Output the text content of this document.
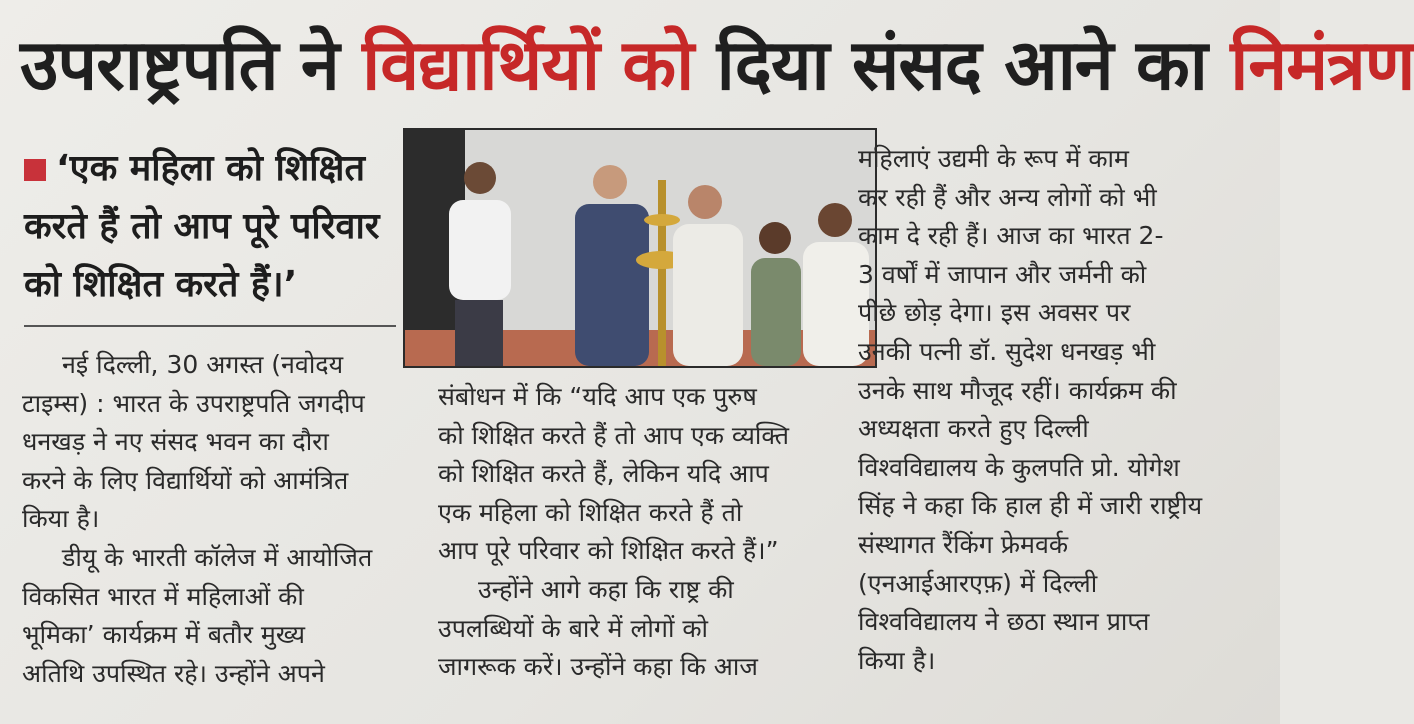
उपराष्ट्रपति ने विद्यार्थियों को दिया संसद आने का निमंत्रण
‘एक महिला को शिक्षित
करते हैं तो आप पूरे परिवार
को शिक्षित करते हैं।’

नई दिल्ली, 30 अगस्त (नवोदय

टाइम्स) : भारत के उपराष्ट्रपति जगदीप

धनखड़ ने नए संसद भवन का दौरा

करने के लिए विद्यार्थियों को आमंत्रित

किया है।

डीयू के भारती कॉलेज में आयोजित

विकसित भारत में महिलाओं की

भूमिका’ कार्यक्रम में बतौर मुख्य

अतिथि उपस्थित रहे। उन्होंने अपने

संबोधन में कि “यदि आप एक पुरुष

को शिक्षित करते हैं तो आप एक व्यक्ति

को शिक्षित करते हैं, लेकिन यदि आप

एक महिला को शिक्षित करते हैं तो

आप पूरे परिवार को शिक्षित करते हैं।”

उन्होंने आगे कहा कि राष्ट्र की

उपलब्धियों के बारे में लोगों को

जागरूक करें। उन्होंने कहा कि आज

महिलाएं उद्यमी के रूप में काम

कर रही हैं और अन्य लोगों को भी

काम दे रही हैं। आज का भारत 2-

3 वर्षों में जापान और जर्मनी को

पीछे छोड़ देगा। इस अवसर पर

उनकी पत्नी डॉ. सुदेश धनखड़ भी

उनके साथ मौजूद रहीं। कार्यक्रम की

अध्यक्षता करते हुए दिल्ली

विश्वविद्यालय के कुलपति प्रो. योगेश

सिंह ने कहा कि हाल ही में जारी राष्ट्रीय

संस्थागत रैंकिंग फ्रेमवर्क

(एनआईआरएफ़) में दिल्ली

विश्वविद्यालय ने छठा स्थान प्राप्त

किया है।
